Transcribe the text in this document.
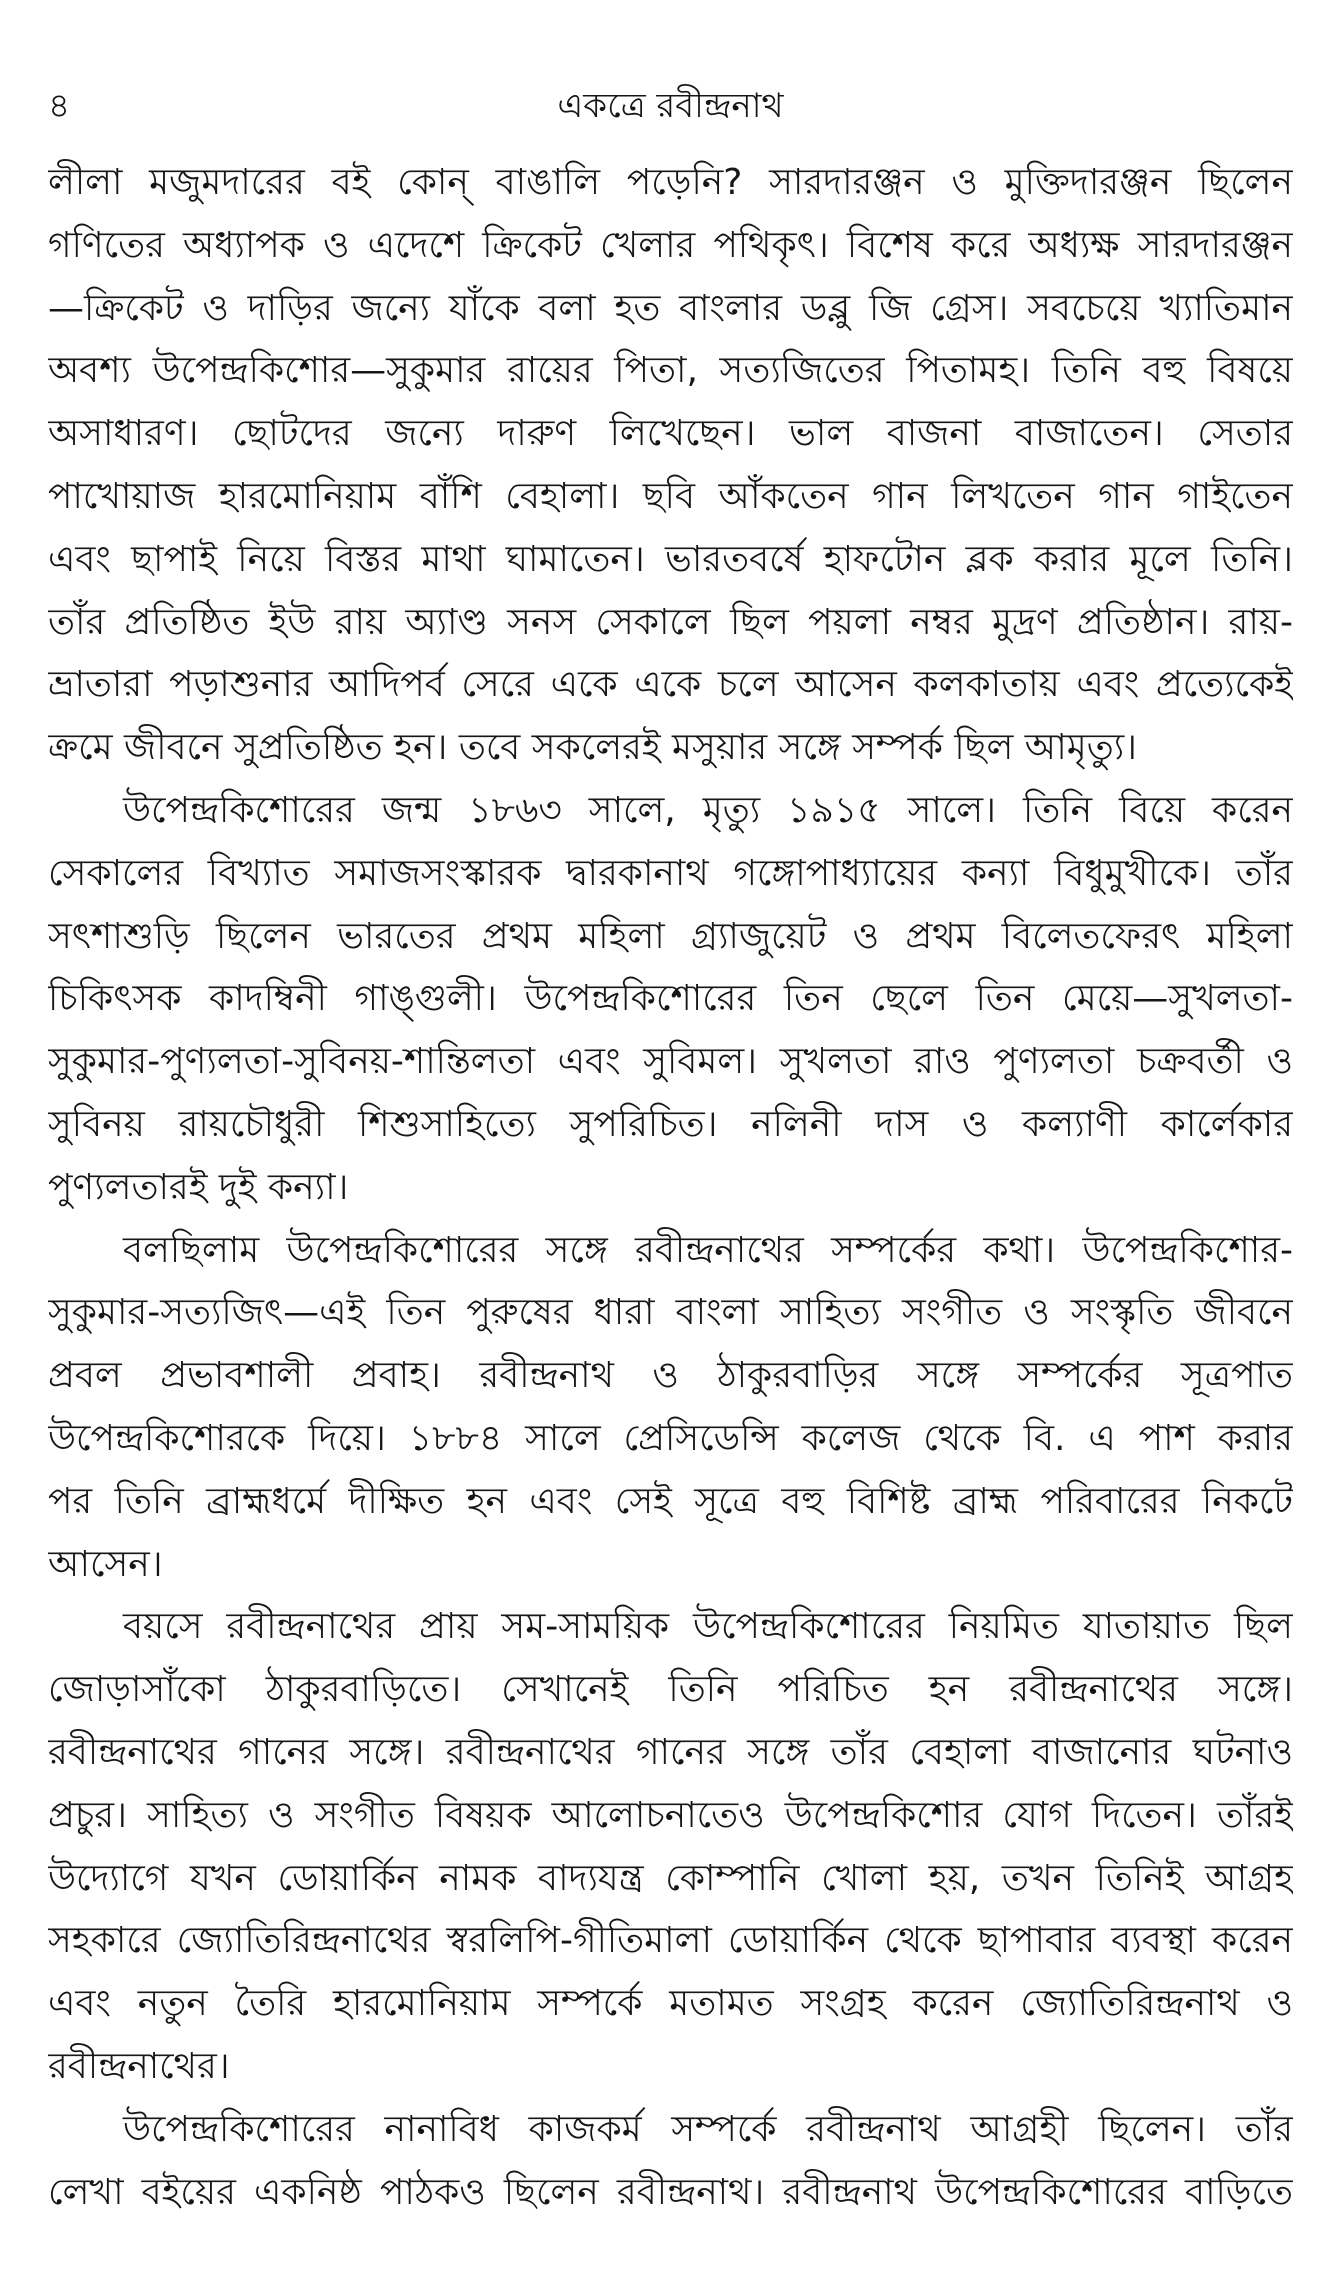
৪	একত্রে রবীন্দ্রনাথ
লীলা মজুমদারের বই কোন্‌ বাঙালি পড়েনি? সারদারঞ্জন ও মুক্তিদারঞ্জন ছিলেন
গণিতের অধ্যাপক ও এদেশে ক্রিকেট খেলার পথিকৃৎ। বিশেষ করে অধ্যক্ষ সারদারঞ্জন
—ক্রিকেট ও দাড়ির জন্যে যাঁকে বলা হত বাংলার ডব্লু জি গ্রেস। সবচেয়ে খ্যাতিমান
অবশ্য উপেন্দ্রকিশোর—সুকুমার রায়ের পিতা, সত্যজিতের পিতামহ। তিনি বহু বিষয়ে
অসাধারণ। ছোটদের জন্যে দারুণ লিখেছেন। ভাল বাজনা বাজাতেন। সেতার
পাখোয়াজ হারমোনিয়াম বাঁশি বেহালা। ছবি আঁকতেন গান লিখতেন গান গাইতেন
এবং ছাপাই নিয়ে বিস্তর মাথা ঘামাতেন। ভারতবর্ষে হাফটোন ব্লক করার মূলে তিনি।
তাঁর প্রতিষ্ঠিত ইউ রায় অ্যাণ্ড সনস সেকালে ছিল পয়লা নম্বর মুদ্রণ প্রতিষ্ঠান। রায়-
ভ্রাতারা পড়াশুনার আদিপর্ব সেরে একে একে চলে আসেন কলকাতায় এবং প্রত্যেকেই
ক্রমে জীবনে সুপ্রতিষ্ঠিত হন। তবে সকলেরই মসুয়ার সঙ্গে সম্পর্ক ছিল আমৃত্যু।
উপেন্দ্রকিশোরের জন্ম ১৮৬৩ সালে, মৃত্যু ১৯১৫ সালে। তিনি বিয়ে করেন
সেকালের বিখ্যাত সমাজসংস্কারক দ্বারকানাথ গঙ্গোপাধ্যায়ের কন্যা বিধুমুখীকে। তাঁর
সৎশাশুড়ি ছিলেন ভারতের প্রথম মহিলা গ্র্যাজুয়েট ও প্রথম বিলেতফেরৎ মহিলা
চিকিৎসক কাদম্বিনী গাঙ্গুলী। উপেন্দ্রকিশোরের তিন ছেলে তিন মেয়ে—সুখলতা-
সুকুমার-পুণ্যলতা-সুবিনয়-শান্তিলতা এবং সুবিমল। সুখলতা রাও পুণ্যলতা চক্রবর্তী ও
সুবিনয় রায়চৌধুরী শিশুসাহিত্যে সুপরিচিত। নলিনী দাস ও কল্যাণী কার্লেকার
পুণ্যলতারই দুই কন্যা।
বলছিলাম উপেন্দ্রকিশোরের সঙ্গে রবীন্দ্রনাথের সম্পর্কের কথা। উপেন্দ্রকিশোর-
সুকুমার-সত্যজিৎ—এই তিন পুরুষের ধারা বাংলা সাহিত্য সংগীত ও সংস্কৃতি জীবনে
প্রবল প্রভাবশালী প্রবাহ। রবীন্দ্রনাথ ও ঠাকুরবাড়ির সঙ্গে সম্পর্কের সূত্রপাত
উপেন্দ্রকিশোরকে দিয়ে। ১৮৮৪ সালে প্রেসিডেন্সি কলেজ থেকে বি. এ পাশ করার
পর তিনি ব্রাহ্মধর্মে দীক্ষিত হন এবং সেই সূত্রে বহু বিশিষ্ট ব্রাহ্ম পরিবারের নিকটে
আসেন।
বয়সে রবীন্দ্রনাথের প্রায় সম-সাময়িক উপেন্দ্রকিশোরের নিয়মিত যাতায়াত ছিল
জোড়াসাঁকো ঠাকুরবাড়িতে। সেখানেই তিনি পরিচিত হন রবীন্দ্রনাথের সঙ্গে।
রবীন্দ্রনাথের গানের সঙ্গে। রবীন্দ্রনাথের গানের সঙ্গে তাঁর বেহালা বাজানোর ঘটনাও
প্রচুর। সাহিত্য ও সংগীত বিষয়ক আলোচনাতেও উপেন্দ্রকিশোর যোগ দিতেন। তাঁরই
উদ্যোগে যখন ডোয়ার্কিন নামক বাদ্যযন্ত্র কোম্পানি খোলা হয়, তখন তিনিই আগ্রহ
সহকারে জ্যোতিরিন্দ্রনাথের স্বরলিপি-গীতিমালা ডোয়ার্কিন থেকে ছাপাবার ব্যবস্থা করেন
এবং নতুন তৈরি হারমোনিয়াম সম্পর্কে মতামত সংগ্রহ করেন জ্যোতিরিন্দ্রনাথ ও
রবীন্দ্রনাথের।
উপেন্দ্রকিশোরের নানাবিধ কাজকর্ম সম্পর্কে রবীন্দ্রনাথ আগ্রহী ছিলেন। তাঁর
লেখা বইয়ের একনিষ্ঠ পাঠকও ছিলেন রবীন্দ্রনাথ। রবীন্দ্রনাথ উপেন্দ্রকিশোরের বাড়িতে
